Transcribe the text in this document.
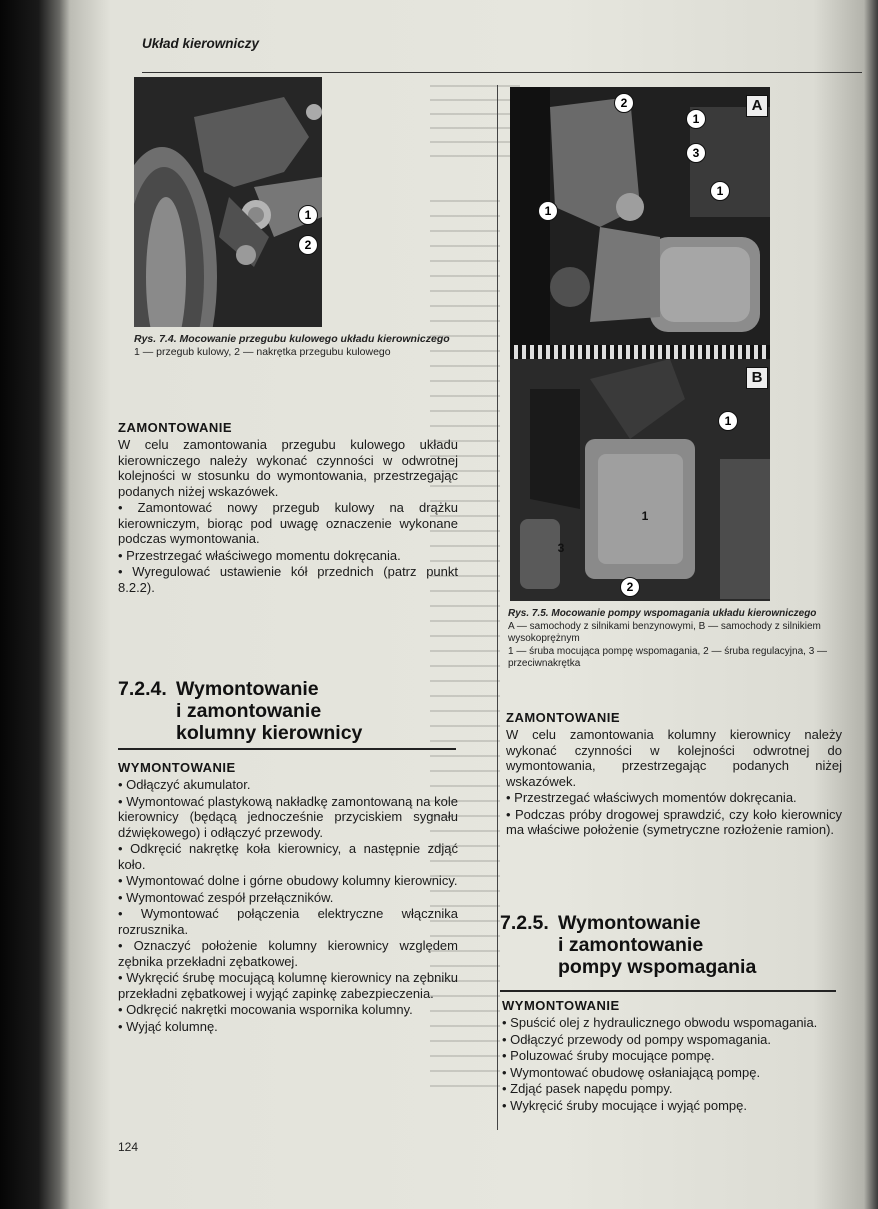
Układ kierowniczy
1
2
Rys. 7.4. Mocowanie przegubu kulowego układu kierowniczego
1 — przegub kulowy, 2 — nakrętka przegubu kulowego
ZAMONTOWANIE

W celu zamontowania przegubu kulowego układu kierowniczego należy wykonać czynności w odwrotnej kolejności w stosunku do wymontowania, przestrzegając podanych niżej wskazówek.

• Zamontować nowy przegub kulowy na drążku kierowniczym, biorąc pod uwagę oznaczenie wykonane podczas wymontowania.

• Przestrzegać właściwego momentu dokręcania.

• Wyregulować ustawienie kół przednich (patrz punkt 8.2.2).

7.2.4. Wymontowanie
i zamontowanie
kolumny kierownicy
WYMONTOWANIE

• Odłączyć akumulator.

• Wymontować plastykową nakładkę zamontowaną na kole kierownicy (będącą jednocześnie przyciskiem sygnału dźwiękowego) i odłączyć przewody.

• Odkręcić nakrętkę koła kierownicy, a następnie zdjąć koło.

• Wymontować dolne i górne obudowy kolumny kierownicy.

• Wymontować zespół przełączników.

• Wymontować połączenia elektryczne włącznika rozrusznika.

• Oznaczyć położenie kolumny kierownicy względem zębnika przekładni zębatkowej.

• Wykręcić śrubę mocującą kolumnę kierownicy na zębniku przekładni zębatkowej i wyjąć zapinkę zabezpieczenia.

• Odkręcić nakrętki mocowania wspornika kolumny.

• Wyjąć kolumnę.

124
A
2
1
3
1
1
B
1
1
3
2
Rys. 7.5. Mocowanie pompy wspomagania układu kierowniczego
A — samochody z silnikami benzynowymi, B — samochody z silnikiem wysokoprężnym
1 — śruba mocująca pompę wspomagania, 2 — śruba regulacyjna, 3 — przeciwnakrętka
ZAMONTOWANIE

W celu zamontowania kolumny kierownicy należy wykonać czynności w kolejności odwrotnej do wymontowania, przestrzegając podanych niżej wskazówek.

• Przestrzegać właściwych momentów dokręcania.

• Podczas próby drogowej sprawdzić, czy koło kierownicy ma właściwe położenie (symetryczne rozłożenie ramion).

7.2.5. Wymontowanie
i zamontowanie
pompy wspomagania
WYMONTOWANIE

• Spuścić olej z hydraulicznego obwodu wspomagania.

• Odłączyć przewody od pompy wspomagania.

• Poluzować śruby mocujące pompę.

• Wymontować obudowę osłaniającą pompę.

• Zdjąć pasek napędu pompy.

• Wykręcić śruby mocujące i wyjąć pompę.
